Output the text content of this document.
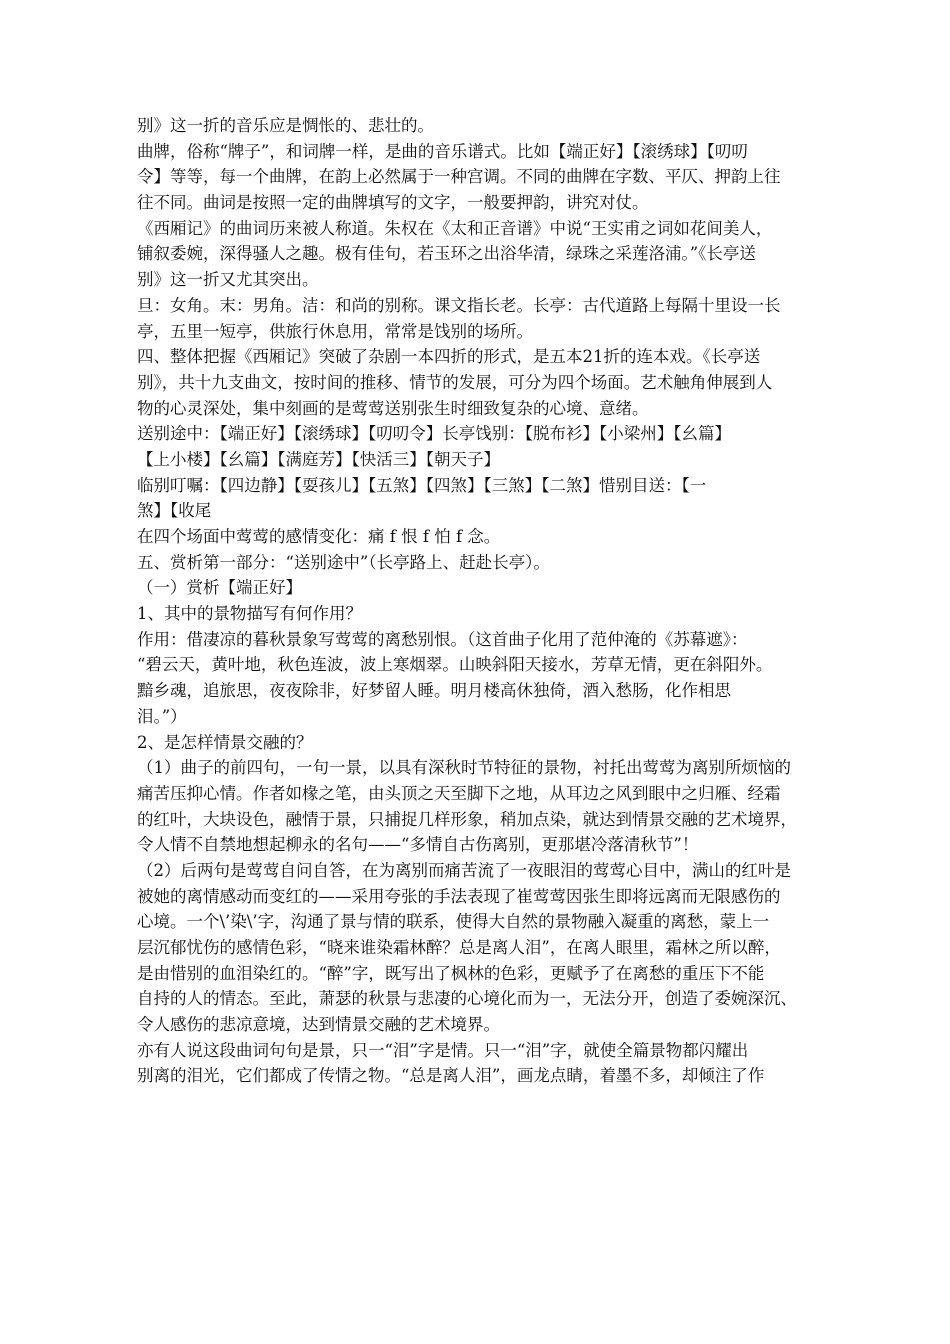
别》这一折的音乐应是惆怅的、悲壮的。
曲牌，俗称“牌子”，和词牌一样，是曲的音乐谱式。比如【端正好】【滚绣球】【叨叨
令】等等，每一个曲牌，在韵上必然属于一种宫调。不同的曲牌在字数、平仄、押韵上往
往不同。曲词是按照一定的曲牌填写的文字，一般要押韵，讲究对仗。
《西厢记》的曲词历来被人称道。朱权在《太和正音谱》中说“王实甫之词如花间美人，
铺叙委婉，深得骚人之趣。极有佳句，若玉环之出浴华清，绿珠之采莲洛浦。”《长亭送
别》这一折又尤其突出。
旦：女角。末：男角。洁：和尚的别称。课文指长老。长亭：古代道路上每隔十里设一长
亭，五里一短亭，供旅行休息用，常常是饯别的场所。
四、整体把握《西厢记》突破了杂剧一本四折的形式，是五本21折的连本戏。《长亭送
别》，共十九支曲文，按时间的推移、情节的发展，可分为四个场面。艺术触角伸展到人
物的心灵深处，集中刻画的是莺莺送别张生时细致复杂的心境、意绪。
送别途中：【端正好】【滚绣球】【叨叨令】长亭饯别：【脱布衫】【小梁州】【幺篇】
【上小楼】【幺篇】【满庭芳】【快活三】【朝天子】
临别叮嘱：【四边静】【耍孩儿】【五煞】【四煞】【三煞】【二煞】惜别目送：【一
煞】【收尾
在四个场面中莺莺的感情变化：痛 f 恨 f 怕 f 念。
五、赏析第一部分：“送别途中”（长亭路上、赶赴长亭）。
（一）赏析【端正好】
1、其中的景物描写有何作用？
作用：借凄凉的暮秋景象写莺莺的离愁别恨。（这首曲子化用了范仲淹的《苏幕遮》：
“碧云天，黄叶地，秋色连波，波上寒烟翠。山映斜阳天接水，芳草无情，更在斜阳外。
黯乡魂，追旅思，夜夜除非，好梦留人睡。明月楼高休独倚，酒入愁肠，化作相思
泪。”）
2、是怎样情景交融的？
（1）曲子的前四句，一句一景，以具有深秋时节特征的景物，衬托出莺莺为离别所烦恼的
痛苦压抑心情。作者如椽之笔，由头顶之天至脚下之地，从耳边之风到眼中之归雁、经霜
的红叶，大块设色，融情于景，只捕捉几样形象，稍加点染，就达到情景交融的艺术境界，
令人情不自禁地想起柳永的名句——“多情自古伤离别，更那堪冷落清秋节”！
（2）后两句是莺莺自问自答，在为离别而痛苦流了一夜眼泪的莺莺心目中，满山的红叶是
被她的离情感动而变红的——采用夸张的手法表现了崔莺莺因张生即将远离而无限感伤的
心境。一个\’染\’字，沟通了景与情的联系，使得大自然的景物融入凝重的离愁，蒙上一
层沉郁忧伤的感情色彩，“晓来谁染霜林醉？总是离人泪”，在离人眼里，霜林之所以醉，
是由惜别的血泪染红的。“醉”字，既写出了枫林的色彩，更赋予了在离愁的重压下不能
自持的人的情态。至此，萧瑟的秋景与悲凄的心境化而为一，无法分开，创造了委婉深沉、
令人感伤的悲凉意境，达到情景交融的艺术境界。
亦有人说这段曲词句句是景，只一“泪”字是情。只一“泪”字，就使全篇景物都闪耀出
别离的泪光，它们都成了传情之物。“总是离人泪”，画龙点睛，着墨不多，却倾注了作
